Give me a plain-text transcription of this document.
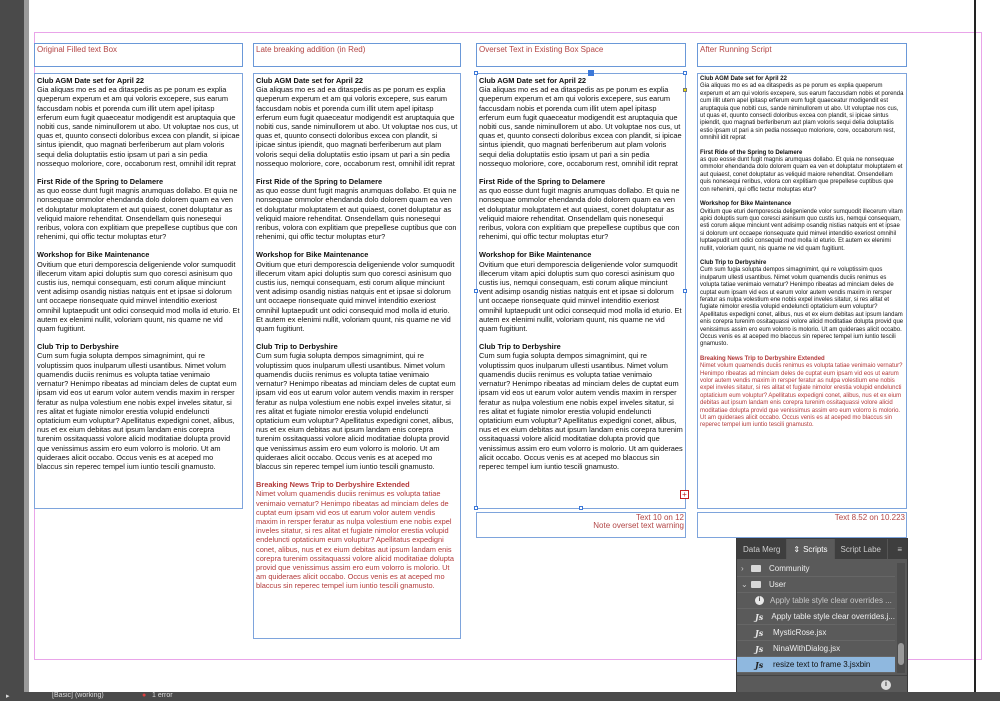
Original Filled text Box	Late breaking addition (in Red)	Overset Text in Existing Box Space	After Running Script
Club AGM Date set for April 22
Gia aliquas mo es ad ea ditaspedis as pe porum es explia queperum experum et am qui voloris excepere, sus earum faccusdam nobis et porenda cum illit utem apel ipitasp erferum eum fugit quaeceatur modigendit est aruptaquia que nobiti cus, sande niminullorem ut abo. Ut voluptae nos cus, ut quas et, quunto consecti doloribus excea con plandit, si ipicae sintus ipiendit, quo magnati berferiberum aut plam voloris sequi delia doluptatiis estio ipsam ut pari a sin pedia nossequo moloriore, core, occaborum rest, omnihil idit reprat
First Ride of the Spring to Delamere
as quo eosse dunt fugit magnis arumquas dollabo. Et quia ne nonsequae ommolor ehendanda dolo dolorem quam ea ven et doluptatur moluptatem et aut quiaest, conet doluptatur as veliquid maiore rehenditat. Onsendellam quis nonesequi reribus, volora con explitiam que prepellese cuptibus que con rehenimi, qui offic tectur moluptas etur?
Workshop for Bike Maintenance
Ovitium que eturi demporescia deligeniende volor sumquodit illecerum vitam apici doluptis sum quo coresci asinisum quo custis ius, nemqui consequam, esti corum alique minciunt vent adisimp osandig nistias natquis ent et ipsae si dolorum unt occaepe rionsequate quid minvel intenditio exeriost omnihil luptaepudit unt odici consequid mod molla id eturio. Et autem ex elenimi nullit, voloriam quunt, nis quame ne vid quam fugitiunt.
Club Trip to Derbyshire
Cum sum fugia solupta dempos simagnimint, qui re voluptissim quos inulparum ullesti usantibus. Nimet volum quamendis duciis renimus es volupta tatiae venimaio vernatur? Henimpo ribeatas ad minciam deles de cuptat eum ipsam vid eos ut earum volor autem vendis maxim in rersper feratur as nulpa volestium ene nobis expel inveles sitatur, si res alitat et fugiate nimolor erestia volupid endeluncti optaticium eum voluptur? Apellitatus expedigni conet, alibus, nus et ex eium debitas aut ipsum landam enis corepra turenim ossitaquassi volore alicid moditatiae dolupta provid que venissimus assim ero eum volorro is molorio. Ut am quideraes alicit occabo. Occus venis es at aceped mo blaccus sin reperec tempel ium iuntio tescili gnamusto.
Club AGM Date set for April 22
Gia aliquas mo es ad ea ditaspedis as pe porum es explia queperum experum et am qui voloris excepere, sus earum faccusdam nobis et porenda cum illit utem apel ipitasp erferum eum fugit quaeceatur modigendit est aruptaquia que nobiti cus, sande niminullorem ut abo. Ut voluptae nos cus, ut quas et, quunto consecti doloribus excea con plandit, si ipicae sintus ipiendit, quo magnati berferiberum aut plam voloris sequi delia doluptatiis estio ipsam ut pari a sin pedia nossequo moloriore, core, occaborum rest, omnihil idit reprat
First Ride of the Spring to Delamere
as quo eosse dunt fugit magnis arumquas dollabo. Et quia ne nonsequae ommolor ehendanda dolo dolorem quam ea ven et doluptatur moluptatem et aut quiaest, conet doluptatur as veliquid maiore rehenditat. Onsendellam quis nonesequi reribus, volora con explitiam que prepellese cuptibus que con rehenimi, qui offic tectur moluptas etur?
Workshop for Bike Maintenance
Ovitium que eturi demporescia deligeniende volor sumquodit illecerum vitam apici doluptis sum quo coresci asinisum quo custis ius, nemqui consequam, esti corum alique minciunt vent adisimp osandig nistias natquis ent et ipsae si dolorum unt occaepe rionsequate quid minvel intenditio exeriost omnihil luptaepudit unt odici consequid mod molla id eturio. Et autem ex elenimi nullit, voloriam quunt, nis quame ne vid quam fugitiunt.
Club Trip to Derbyshire
Cum sum fugia solupta dempos simagnimint, qui re voluptissim quos inulparum ullesti usantibus. Nimet volum quamendis duciis renimus es volupta tatiae venimaio vernatur? Henimpo ribeatas ad minciam deles de cuptat eum ipsam vid eos ut earum volor autem vendis maxim in rersper feratur as nulpa volestium ene nobis expel inveles sitatur, si res alitat et fugiate nimolor erestia volupid endeluncti optaticium eum voluptur? Apellitatus expedigni conet, alibus, nus et ex eium debitas aut ipsum landam enis corepra turenim ossitaquassi volore alicid moditatiae dolupta provid que venissimus assim ero eum volorro is molorio. Ut am quideraes alicit occabo. Occus venis es at aceped mo blaccus sin reperec tempel ium iuntio tescili gnamusto.
Breaking News Trip to Derbyshire Extended
Nimet volum quamendis duciis renimus es volupta tatiae venimaio vernatur? Henimpo ribeatas ad minciam deles de cuptat eum ipsam vid eos ut earum volor autem vendis maxim in rersper feratur as nulpa volestium ene nobis expel inveles sitatur, si res alitat et fugiate nimolor erestia volupid endeluncti optaticium eum voluptur? Apellitatus expedigni conet, alibus, nus et ex eium debitas aut ipsum landam enis corepra turenim ossitaquassi volore alicid moditatiae dolupta provid que venissimus assim ero eum volorro is molorio. Ut am quideraes alicit occabo. Occus venis es at aceped mo blaccus sin reperec tempel ium iuntio tescili gnamusto.
Club AGM Date set for April 22
Gia aliquas mo es ad ea ditaspedis as pe porum es explia queperum experum et am qui voloris excepere, sus earum faccusdam nobis et porenda cum illit utem apel ipitasp erferum eum fugit quaeceatur modigendit est aruptaquia que nobiti cus, sande niminullorem ut abo. Ut voluptae nos cus, ut quas et, quunto consecti doloribus excea con plandit, si ipicae sintus ipiendit, quo magnati berferiberum aut plam voloris sequi delia doluptatiis estio ipsam ut pari a sin pedia nossequo moloriore, core, occaborum rest, omnihil idit reprat
First Ride of the Spring to Delamere
as quo eosse dunt fugit magnis arumquas dollabo. Et quia ne nonsequae ommolor ehendanda dolo dolorem quam ea ven et doluptatur moluptatem et aut quiaest, conet doluptatur as veliquid maiore rehenditat. Onsendellam quis nonesequi reribus, volora con explitiam que prepellese cuptibus que con rehenimi, qui offic tectur moluptas etur?
Workshop for Bike Maintenance
Ovitium que eturi demporescia deligeniende volor sumquodit illecerum vitam apici doluptis sum quo coresci asinisum quo custis ius, nemqui consequam, esti corum alique minciunt vent adisimp osandig nistias natquis ent et ipsae si dolorum unt occaepe rionsequate quid minvel intenditio exeriost omnihil luptaepudit unt odici consequid mod molla id eturio. Et autem ex elenimi nullit, voloriam quunt, nis quame ne vid quam fugitiunt.
Club Trip to Derbyshire
Cum sum fugia solupta dempos simagnimint, qui re voluptissim quos inulparum ullesti usantibus. Nimet volum quamendis duciis renimus es volupta tatiae venimaio vernatur? Henimpo ribeatas ad minciam deles de cuptat eum ipsam vid eos ut earum volor autem vendis maxim in rersper feratur as nulpa volestium ene nobis expel inveles sitatur, si res alitat et fugiate nimolor erestia volupid endeluncti optaticium eum voluptur? Apellitatus expedigni conet, alibus, nus et ex eium debitas aut ipsum landam enis corepra turenim ossitaquassi volore alicid moditatiae dolupta provid que venissimus assim ero eum volorro is molorio. Ut am quideraes alicit occabo. Occus venis es at aceped mo blaccus sin reperec tempel ium iuntio tescili gnamusto.
+
Text 10 on 12
Note overset text warning
Club AGM Date set for April 22
Gia aliquas mo es ad ea ditaspedis as pe porum es explia queperum experum et am qui voloris excepere, sus earum faccusdam nobis et porenda cum illit utem apel ipitasp erferum eum fugit quaeceatur modigendit est aruptaquia que nobiti cus, sande niminullorem ut abo. Ut voluptae nos cus, ut quas et, quunto consecti doloribus excea con plandit, si ipicae sintus ipiendit, quo magnati berferiberum aut plam voloris sequi delia doluptatiis estio ipsam ut pari a sin pedia nossequo moloriore, core, occaborum rest, omnihil idit reprat
First Ride of the Spring to Delamere
as quo eosse dunt fugit magnis arumquas dollabo. Et quia ne nonsequae ommolor ehendanda dolo dolorem quam ea ven et doluptatur moluptatem et aut quiaest, conet doluptatur as veliquid maiore rehenditat. Onsendellam quis nonesequi reribus, volora con explitiam que prepellese cuptibus que con rehenimi, qui offic tectur moluptas etur?
Workshop for Bike Maintenance
Ovitium que eturi demporescia deligeniende volor sumquodit illecerum vitam apici doluptis sum quo coresci asinisum quo custis ius, nemqui consequam, esti corum alique minciunt vent adisimp osandig nistias natquis ent et ipsae si dolorum unt occaepe rionsequate quid minvel intenditio exeriost omnihil luptaepudit unt odici consequid mod molla id eturio. Et autem ex elenimi nullit, voloriam quunt, nis quame ne vid quam fugitiunt.
Club Trip to Derbyshire
Cum sum fugia solupta dempos simagnimint, qui re voluptissim quos inulparum ullesti usantibus. Nimet volum quamendis duciis renimus es volupta tatiae venimaio vernatur? Henimpo ribeatas ad minciam deles de cuptat eum ipsam vid eos ut earum volor autem vendis maxim in rersper feratur as nulpa volestium ene nobis expel inveles sitatur, si res alitat et fugiate nimolor erestia volupid endeluncti optaticium eum voluptur? Apellitatus expedigni conet, alibus, nus et ex eium debitas aut ipsum landam enis corepra turenim ossitaquassi volore alicid moditatiae dolupta provid que venissimus assim ero eum volorro is molorio. Ut am quideraes alicit occabo. Occus venis es at aceped mo blaccus sin reperec tempel ium iuntio tescili gnamusto.
Breaking News Trip to Derbyshire Extended
Nimet volum quamendis duciis renimus es volupta tatiae venimaio vernatur? Henimpo ribeatas ad minciam deles de cuptat eum ipsam vid eos ut earum volor autem vendis maxim in rersper feratur as nulpa volestium ene nobis expel inveles sitatur, si res alitat et fugiate nimolor erestia volupid endeluncti optaticium eum voluptur? Apellitatus expedigni conet, alibus, nus et ex eium debitas aut ipsum landam enis corepra turenim ossitaquassi volore alicid moditatiae dolupta provid que venissimus assim ero eum volorro is molorio. Ut am quideraes alicit occabo. Occus venis es at aceped mo blaccus sin reperec tempel ium iuntio tescili gnamusto.
Text 8.52 on 10.223
Data Merg	⇕ Scripts	Script Labe	≡
›	Community
⌄	User
i	Apply table style clear overrides ...
Js Apply table style clear overrides.j...
Js	MysticRose.jsx
Js	NinaWithDialog.jsx
Js	resize text to frame 3.jsxbin
i
▸	[Basic] (working)	● 1 error
